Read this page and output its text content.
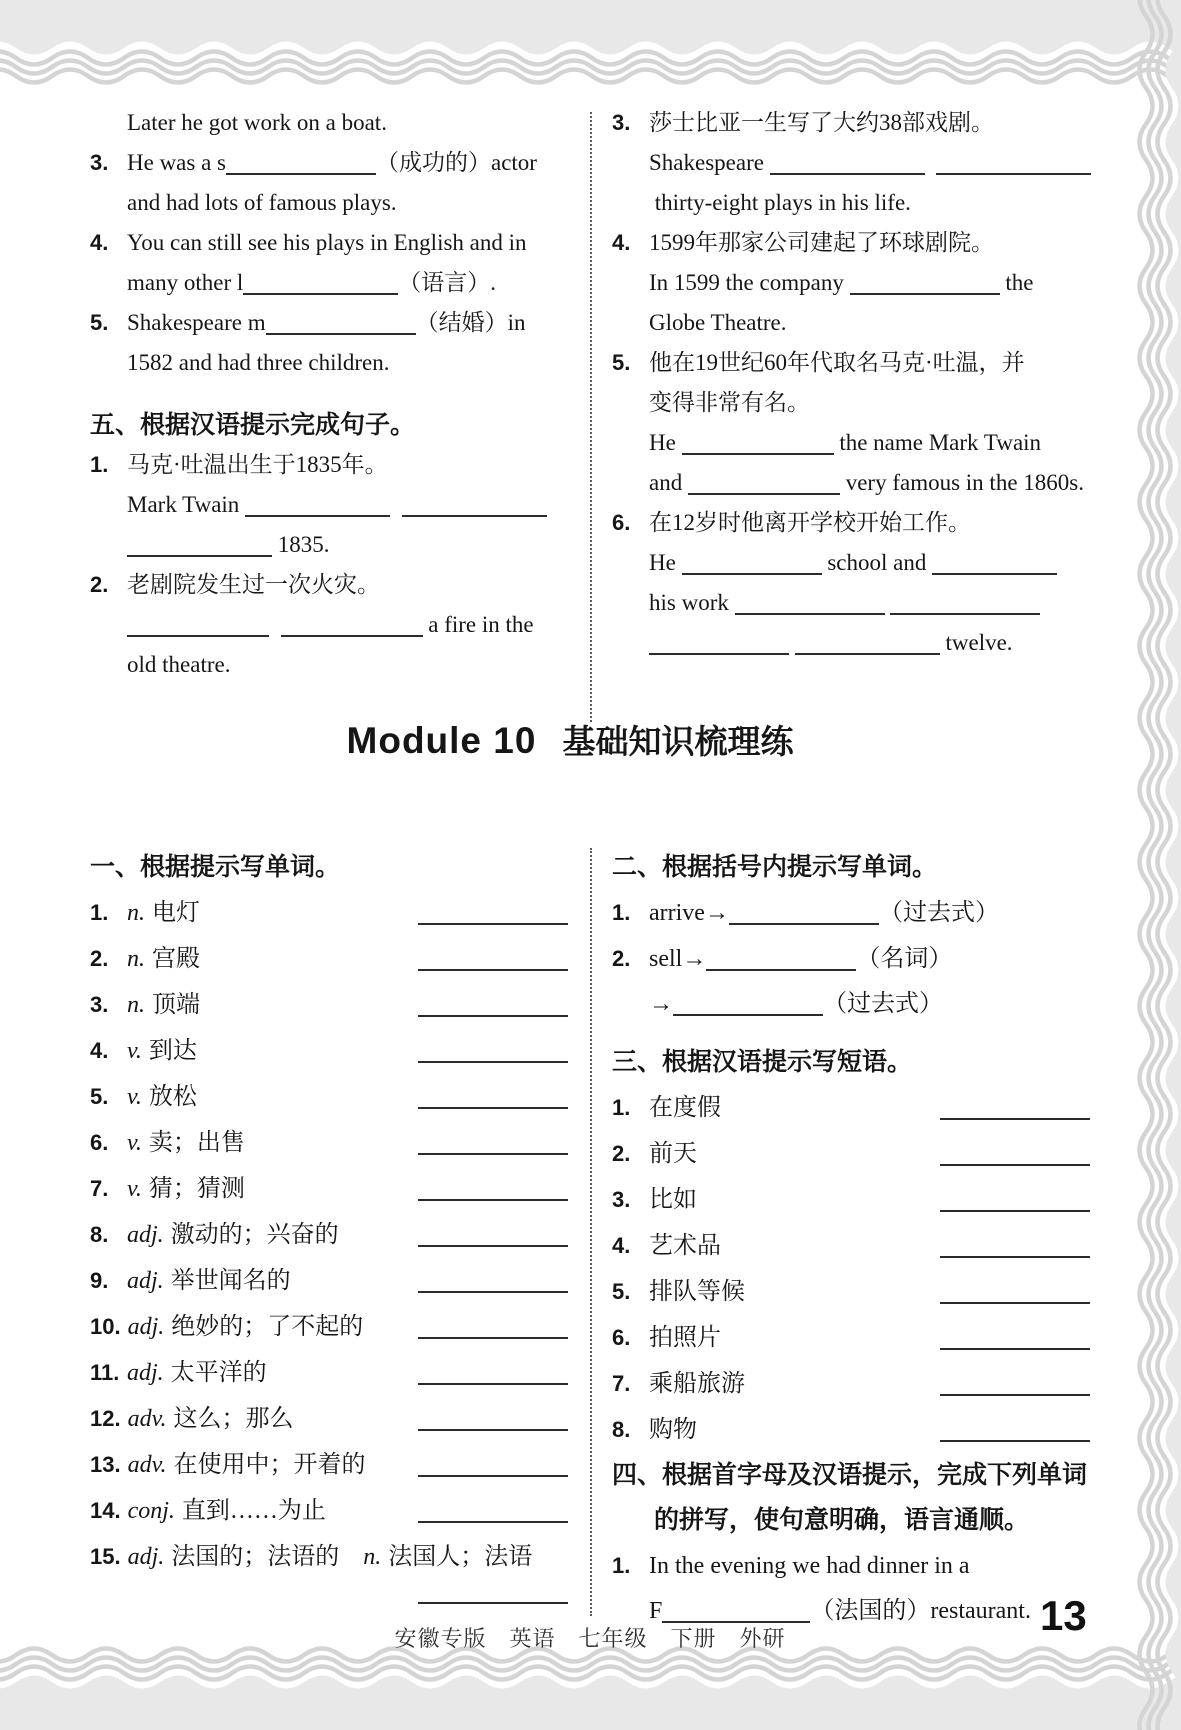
Later he got work on a boat.
3. He was a s	（成功的）actor
and had lots of famous plays.
4. You can still see his plays in English and in
many other l	（语言）.
5. Shakespeare m	（结婚）in
1582 and had three children.
五、根据汉语提示完成句子。
1. 马克·吐温出生于1835年。
Mark Twain

1835.
2. 老剧院发生过一次火灾。

a fire in the
old theatre.
3. 莎士比亚一生写了大约38部戏剧。
Shakespeare

thirty-eight plays in his life.
4. 1599年那家公司建起了环球剧院。
In 1599 the company	the
Globe Theatre.
5. 他在19世纪60年代取名马克·吐温，并
变得非常有名。
He	the name Mark Twain
and	very famous in the 1860s.
6. 在12岁时他离开学校开始工作。
He	school and
his work

twelve.
Module 10 基础知识梳理练
一、根据提示写单词。
1. n. 电灯
2. n. 宫殿
3. n. 顶端
4. v. 到达
5. v. 放松
6. v. 卖；出售
7. v. 猜；猜测
8. adj. 激动的；兴奋的
9. adj. 举世闻名的
10. adj. 绝妙的；了不起的
11. adj. 太平洋的
12. adv. 这么；那么
13. adv. 在使用中；开着的
14. conj. 直到……为止
15. adj. 法国的；法语的　 n. 法国人；法语
二、根据括号内提示写单词。
1. arrive→	（过去式）
2. sell→	（名词）
→	（过去式）
三、根据汉语提示写短语。
1. 在度假
2. 前天
3. 比如
4. 艺术品
5. 排队等候
6. 拍照片
7. 乘船旅游
8. 购物
四、根据首字母及汉语提示，完成下列单词
的拼写，使句意明确，语言通顺。
1. In the evening we had dinner in a
F	（法国的）restaurant.
安徽专版　英语　七年级　下册　外研	13
